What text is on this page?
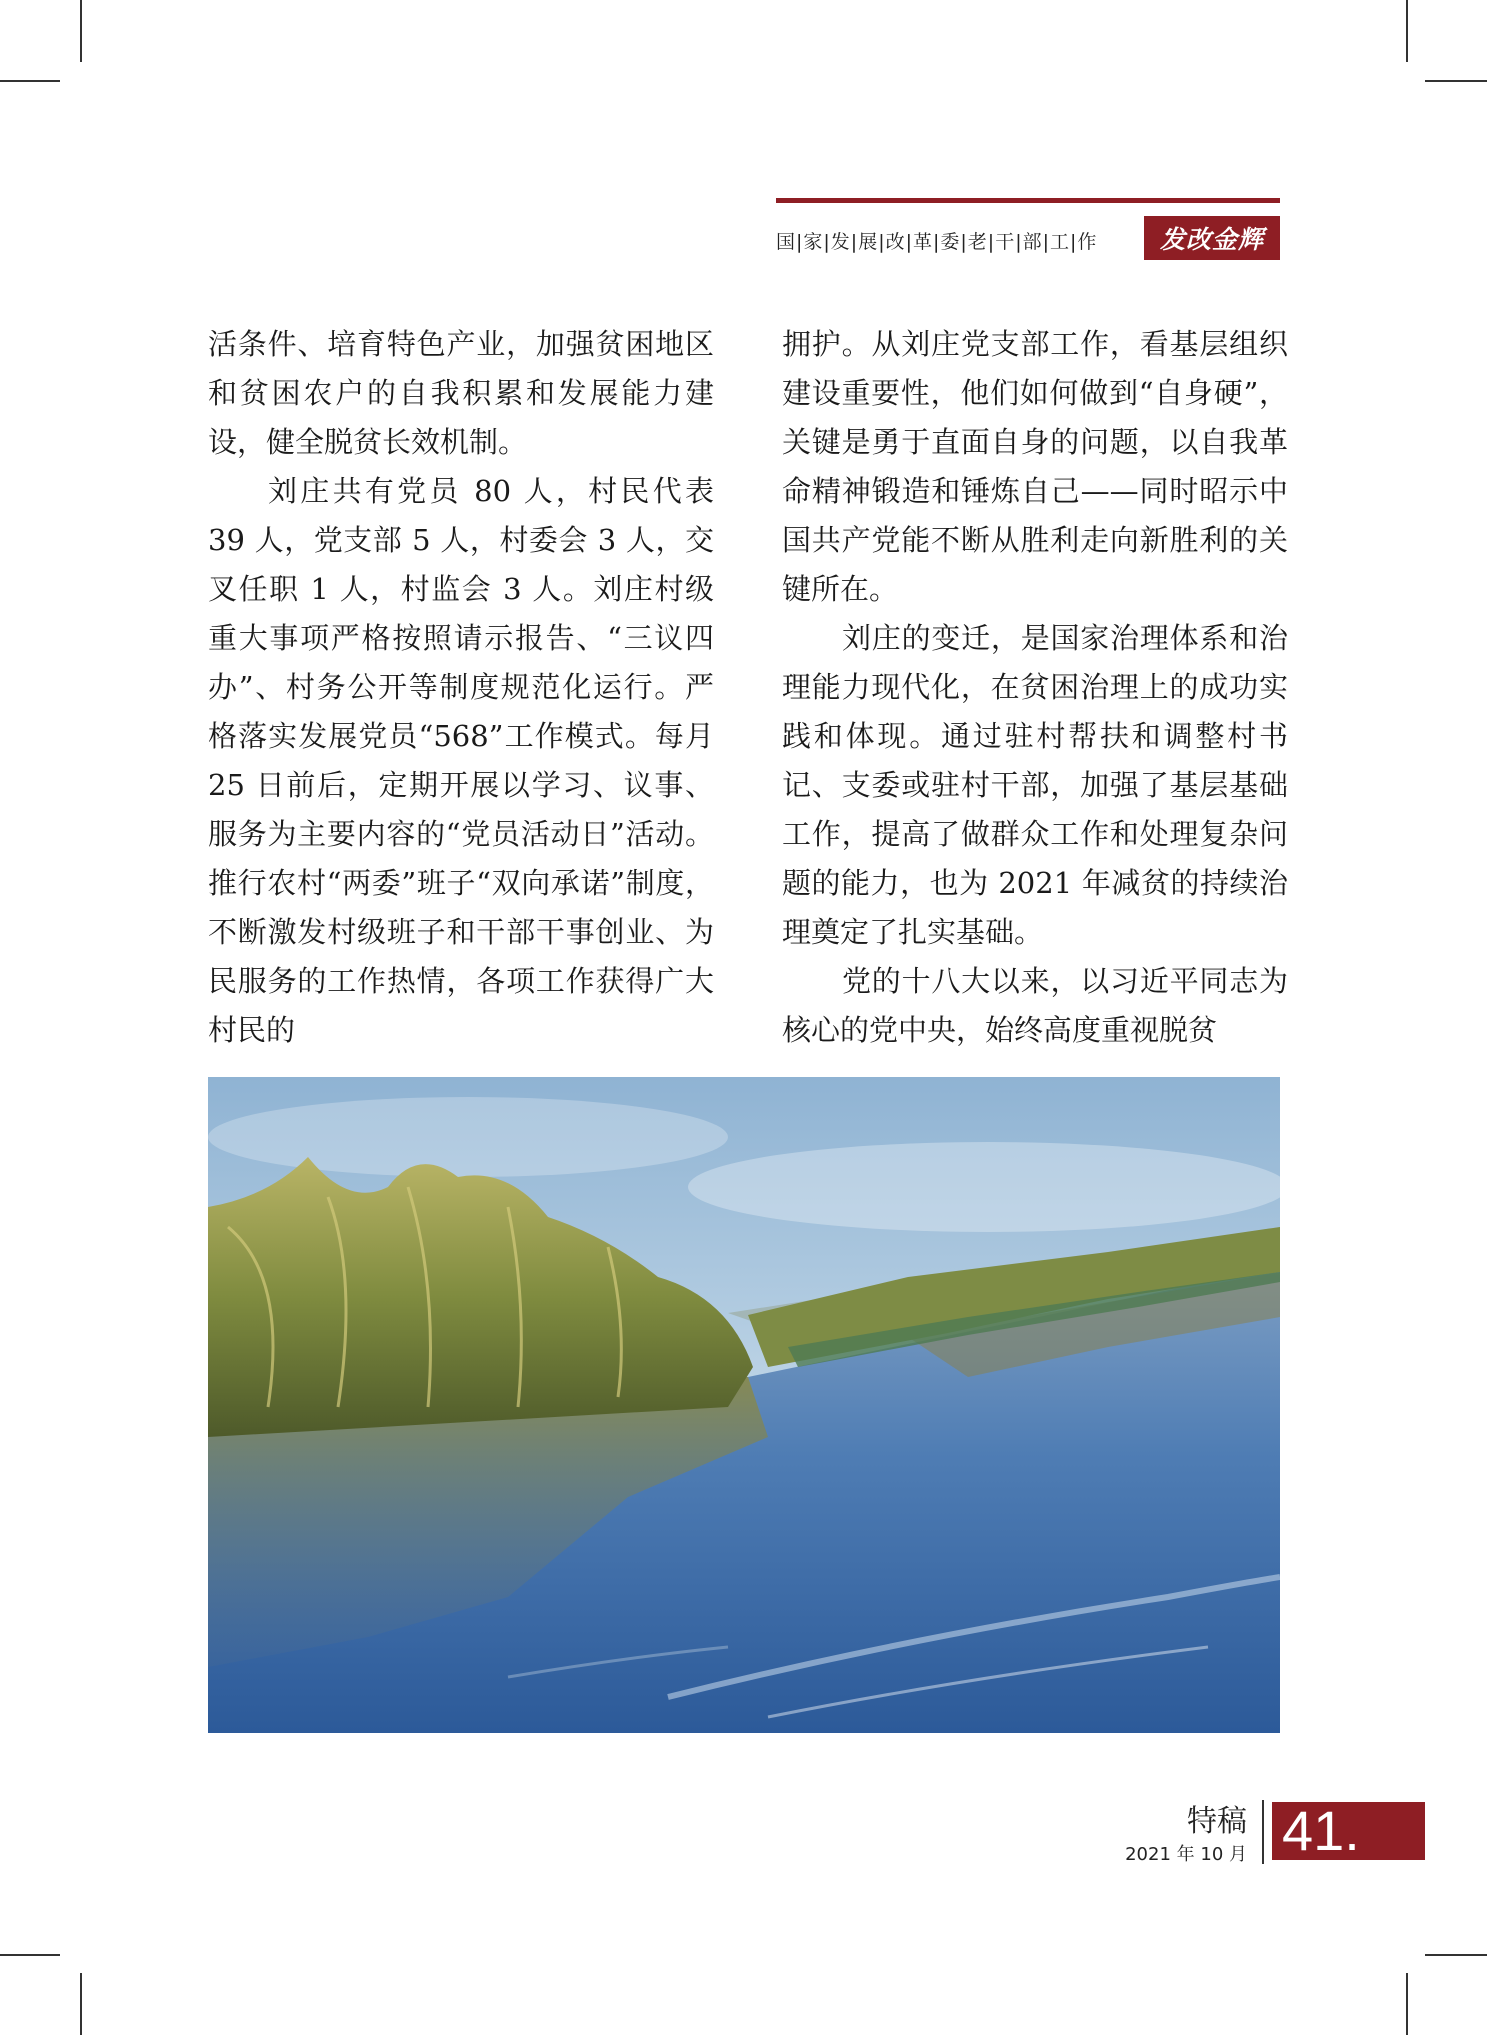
国|家|发|展|改|革|委|老|干|部|工|作	发改金辉

活条件、培育特色产业，加强贫困地区和贫困农户的自我积累和发展能力建设，健全脱贫长效机制。

刘庄共有党员 80 人，村民代表 39 人，党支部 5 人，村委会 3 人，交叉任职 1 人，村监会 3 人。刘庄村级重大事项严格按照请示报告、“三议四办”、村务公开等制度规范化运行。严格落实发展党员“568”工作模式。每月 25 日前后，定期开展以学习、议事、服务为主要内容的“党员活动日”活动。推行农村“两委”班子“双向承诺”制度，不断激发村级班子和干部干事创业、为民服务的工作热情，各项工作获得广大村民的

拥护。从刘庄党支部工作，看基层组织建设重要性，他们如何做到“自身硬”，关键是勇于直面自身的问题，以自我革命精神锻造和锤炼自己——同时昭示中国共产党能不断从胜利走向新胜利的关键所在。

刘庄的变迁，是国家治理体系和治理能力现代化，在贫困治理上的成功实践和体现。通过驻村帮扶和调整村书记、支委或驻村干部，加强了基层基础工作，提高了做群众工作和处理复杂问题的能力，也为 2021 年减贫的持续治理奠定了扎实基础。

党的十八大以来，以习近平同志为核心的党中央，始终高度重视脱贫

特稿
2021 年 10 月 41.
